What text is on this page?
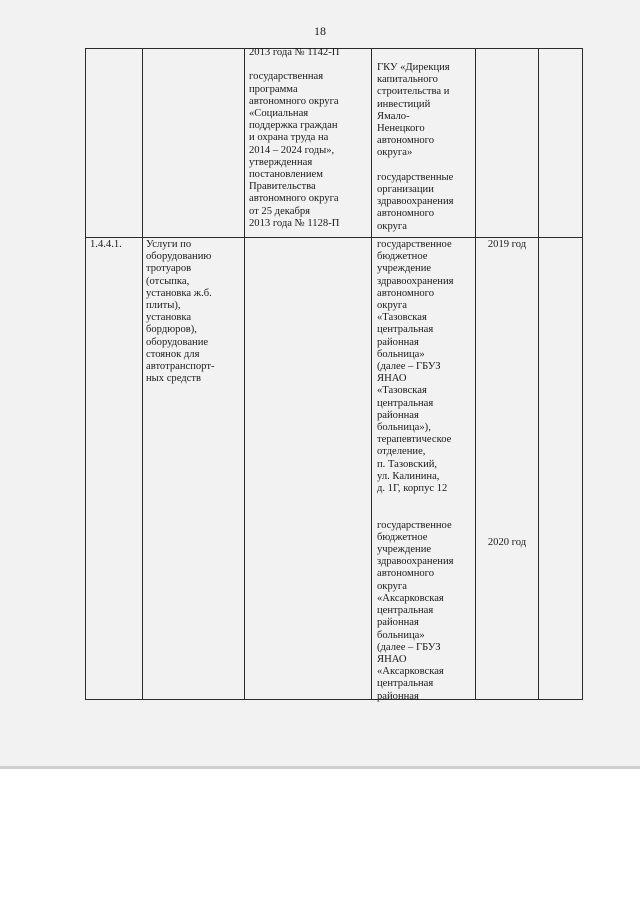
18
2013 года № 1142-П

государственная
программа
автономного округа
«Социальная
поддержка граждан
и охрана труда на
2014 – 2024 годы»,
утвержденная
постановлением
Правительства
автономного округа
от 25 декабря
2013 года № 1128-П
ГКУ «Дирекция
капитального
строительства и
инвестиций
Ямало-
Ненецкого
автономного
округа»

государственные
организации
здравоохранения
автономного
округа
1.4.4.1.	Услуги по
оборудованию
тротуаров
(отсыпка,
установка ж.б.
плиты),
установка
бордюров),
оборудование
стоянок для
автотранспорт-
ных средств
государственное
бюджетное
учреждение
здравоохранения
автономного
округа
«Тазовская
центральная
районная
больница»
(далее – ГБУЗ
ЯНАО
«Тазовская
центральная
районная
больница»),
терапевтическое
отделение,
п. Тазовский,
ул. Калинина,
д. 1Г, корпус 12

государственное
бюджетное
учреждение
здравоохранения
автономного
округа
«Аксарковская
центральная
районная
больница»
(далее – ГБУЗ
ЯНАО
«Аксарковская
центральная
районная
2019 год
2020 год
